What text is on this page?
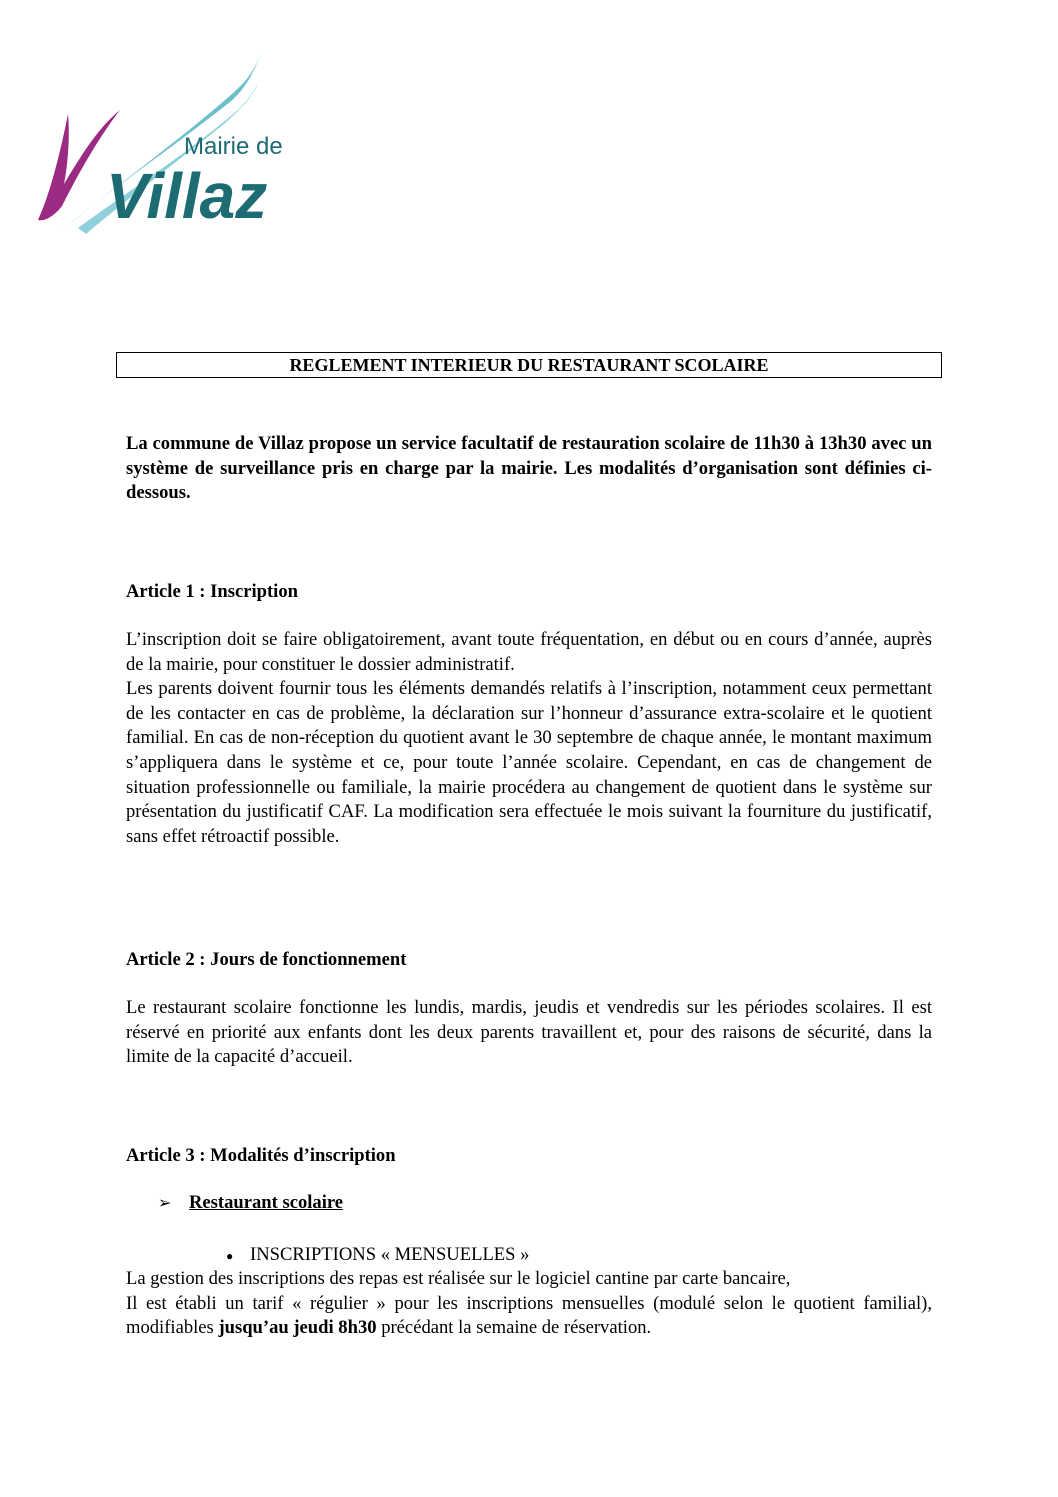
Mairie de
Villaz
REGLEMENT INTERIEUR DU RESTAURANT SCOLAIRE
La commune de Villaz propose un service facultatif de restauration scolaire de 11h30 à 13h30 avec un système de surveillance pris en charge par la mairie. Les modalités d’organisation sont définies ci-dessous.
Article 1 : Inscription

L’inscription doit se faire obligatoirement, avant toute fréquentation, en début ou en cours d’année, auprès de la mairie, pour constituer le dossier administratif.

Les parents doivent fournir tous les éléments demandés relatifs à l’inscription, notamment ceux permettant de les contacter en cas de problème, la déclaration sur l’honneur d’assurance extra-scolaire et le quotient familial. En cas de non-réception du quotient avant le 30 septembre de chaque année, le montant maximum s’appliquera dans le système et ce, pour toute l’année scolaire. Cependant, en cas de changement de situation professionnelle ou familiale, la mairie procédera au changement de quotient dans le système sur présentation du justificatif CAF. La modification sera effectuée le mois suivant la fourniture du justificatif, sans effet rétroactif possible.

Article 2 : Jours de fonctionnement
Le restaurant scolaire fonctionne les lundis, mardis, jeudis et vendredis sur les périodes scolaires. Il est réservé en priorité aux enfants dont les deux parents travaillent et, pour des raisons de sécurité, dans la limite de la capacité d’accueil.
Article 3 : Modalités d’inscription
➢ Restaurant scolaire
● INSCRIPTIONS « MENSUELLES »

La gestion des inscriptions des repas est réalisée sur le logiciel cantine par carte bancaire,

Il est établi un tarif « régulier » pour les inscriptions mensuelles (modulé selon le quotient familial), modifiables jusqu’au jeudi 8h30 précédant la semaine de réservation.
